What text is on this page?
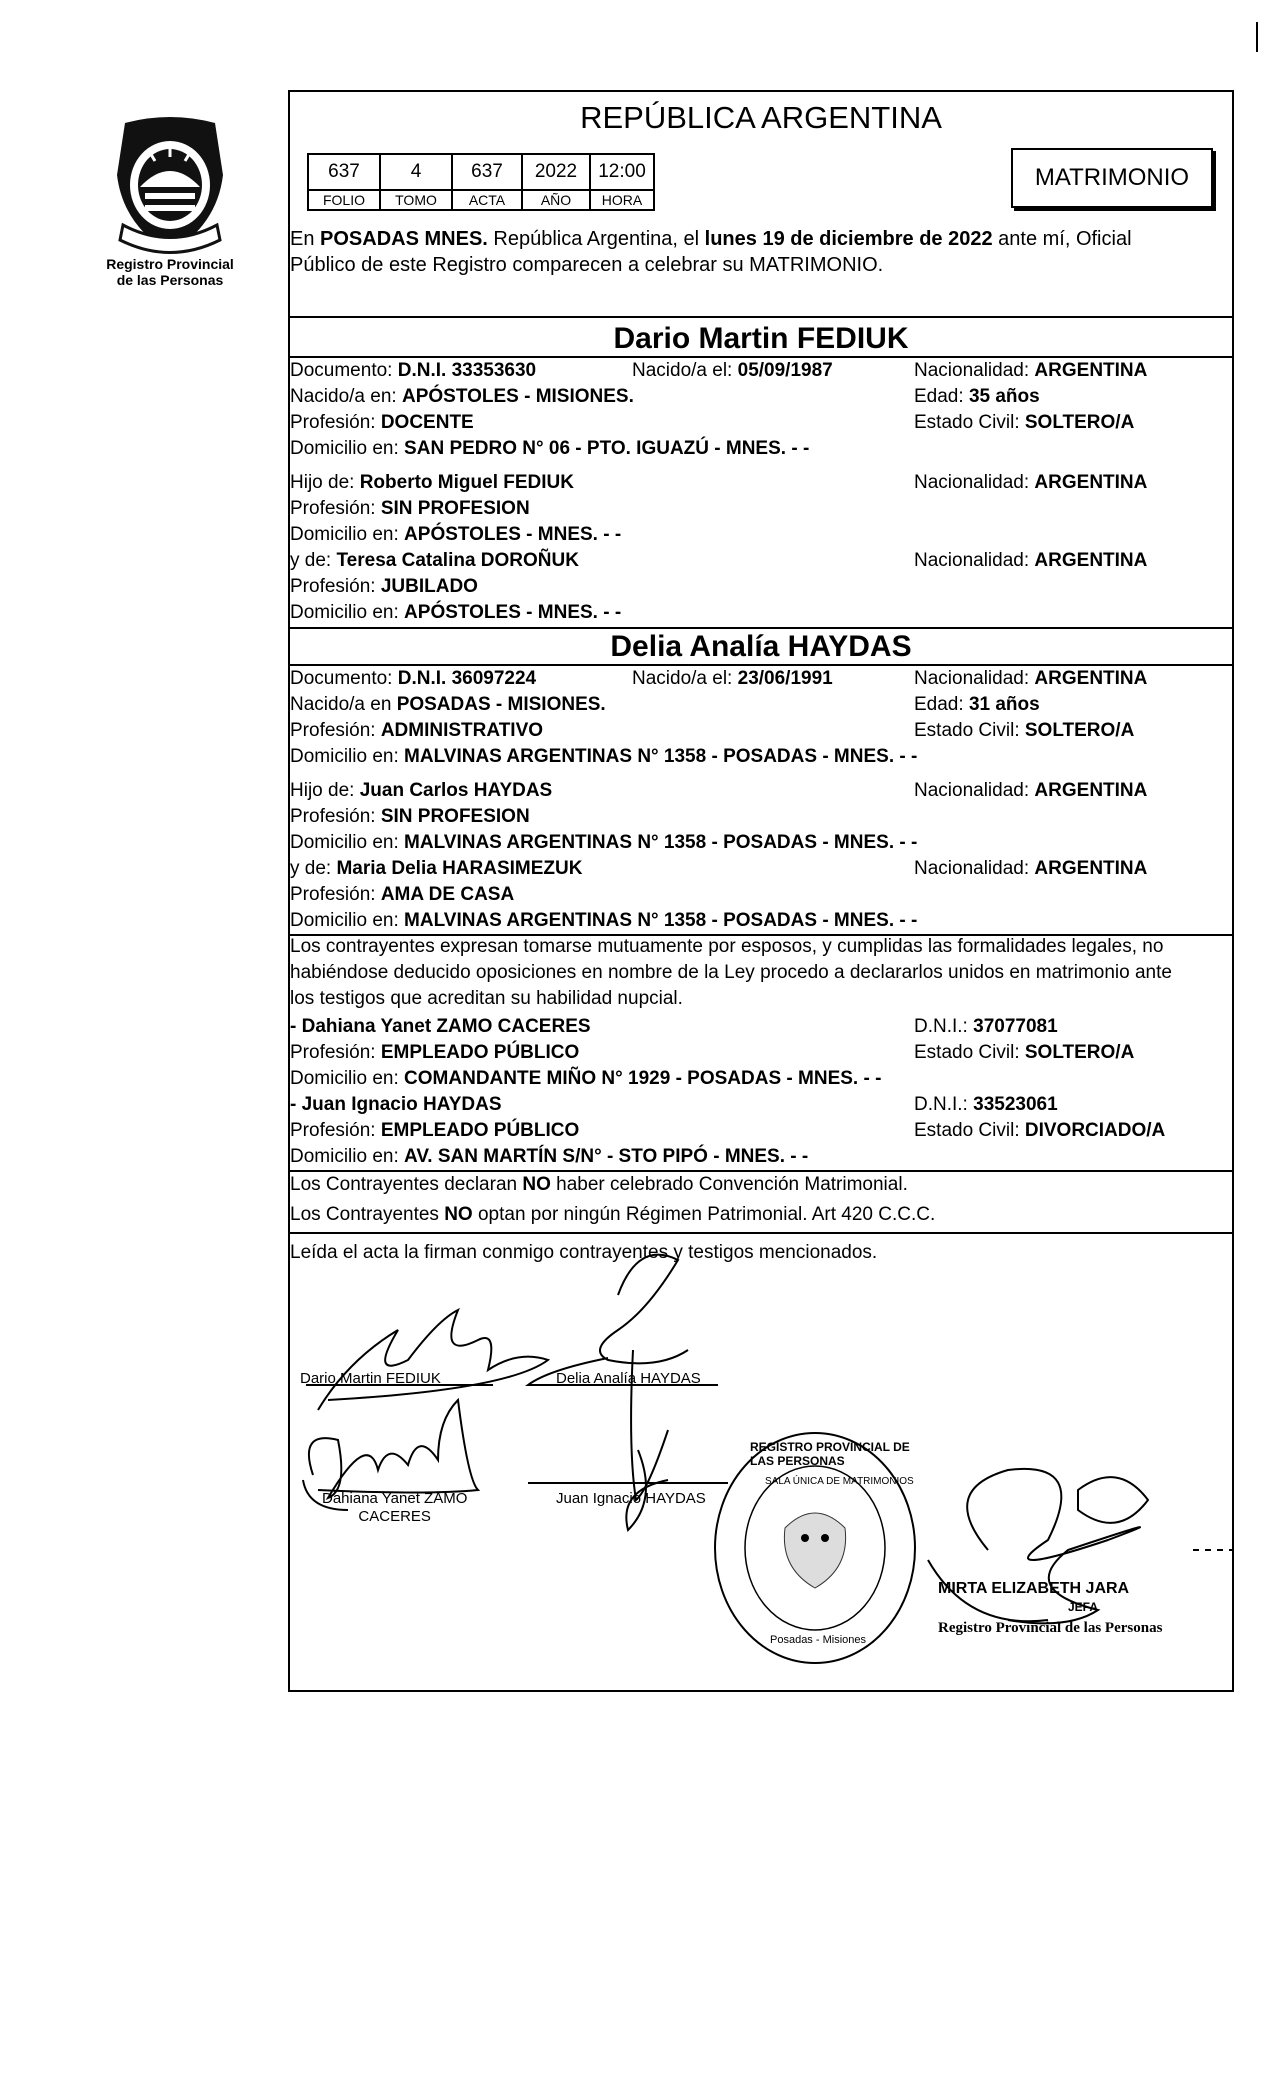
Registro Provincial
de las Personas
REPÚBLICA ARGENTINA
637	4	637	2022	12:00
FOLIO	TOMO	ACTA	AÑO	HORA
MATRIMONIO
En POSADAS MNES. República Argentina, el lunes 19 de diciembre de 2022 ante mí, Oficial
Público de este Registro comparecen a celebrar su MATRIMONIO.
Dario Martin FEDIUK
Documento: D.N.I. 33353630	Nacido/a el: 05/09/1987	Nacionalidad: ARGENTINA
Nacido/a en: APÓSTOLES - MISIONES.	Edad: 35 años
Profesión: DOCENTE	Estado Civil: SOLTERO/A
Domicilio en: SAN PEDRO N° 06 - PTO. IGUAZÚ - MNES. - -
Hijo de: Roberto Miguel FEDIUK	Nacionalidad: ARGENTINA
Profesión: SIN PROFESION
Domicilio en: APÓSTOLES - MNES. - -
y de: Teresa Catalina DOROÑUK	Nacionalidad: ARGENTINA
Profesión: JUBILADO
Domicilio en: APÓSTOLES - MNES. - -
Delia Analía HAYDAS
Documento: D.N.I. 36097224	Nacido/a el: 23/06/1991	Nacionalidad: ARGENTINA
Nacido/a en POSADAS - MISIONES.	Edad: 31 años
Profesión: ADMINISTRATIVO	Estado Civil: SOLTERO/A
Domicilio en: MALVINAS ARGENTINAS N° 1358 - POSADAS - MNES. - -
Hijo de: Juan Carlos HAYDAS	Nacionalidad: ARGENTINA
Profesión: SIN PROFESION
Domicilio en: MALVINAS ARGENTINAS N° 1358 - POSADAS - MNES. - -
y de: Maria Delia HARASIMEZUK	Nacionalidad: ARGENTINA
Profesión: AMA DE CASA
Domicilio en: MALVINAS ARGENTINAS N° 1358 - POSADAS - MNES. - -
Los contrayentes expresan tomarse mutuamente por esposos, y cumplidas las formalidades legales, no
habiéndose deducido oposiciones en nombre de la Ley procedo a declararlos unidos en matrimonio ante
los testigos que acreditan su habilidad nupcial.
- Dahiana Yanet ZAMO CACERES	D.N.I.: 37077081
Profesión: EMPLEADO PÚBLICO	Estado Civil: SOLTERO/A
Domicilio en: COMANDANTE MIÑO N° 1929 - POSADAS - MNES. - -
- Juan Ignacio HAYDAS	D.N.I.: 33523061
Profesión: EMPLEADO PÚBLICO	Estado Civil: DIVORCIADO/A
Domicilio en: AV. SAN MARTÍN S/N° - STO PIPÓ - MNES. - -
Los Contrayentes declaran NO haber celebrado Convención Matrimonial.
Los Contrayentes NO optan por ningún Régimen Patrimonial. Art 420 C.C.C.
Leída el acta la firman conmigo contrayentes y testigos mencionados.
Dario Martin FEDIUK	Delia Analía HAYDAS
Dahiana Yanet ZAMO
CACERES
Juan Ignacio HAYDAS
REGISTRO PROVINCIAL DE LAS PERSONAS
SALA ÚNICA DE MATRIMONIOS
Posadas - Misiones
MIRTA ELIZABETH JARA
JEFA
Registro Provincial de las Personas
